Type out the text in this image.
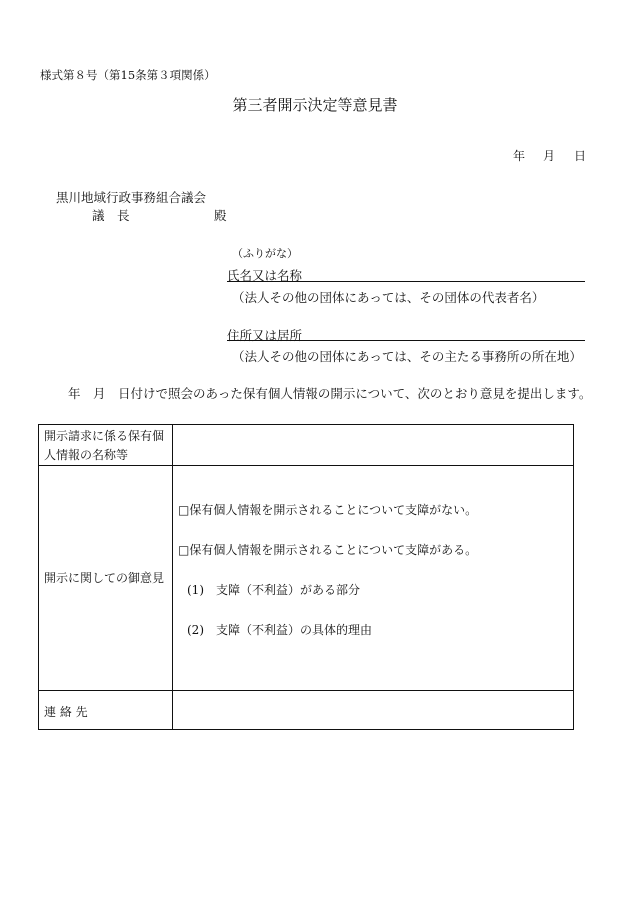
様式第８号（第15条第３項関係）
第三者開示決定等意見書
年 月 日
黒川地域行政事務組合議会
議　長	殿
（ふりがな）
氏名又は名称
（法人その他の団体にあっては、その団体の代表者名）
住所又は居所
（法人その他の団体にあっては、その主たる事務所の所在地）
年　月　日付けで照会のあった保有個人情報の開示について、次のとおり意見を提出します。
開示請求に係る保有個
人情報の名称等
開示に関しての御意見
□保有個人情報を開示されることについて支障がない。
□保有個人情報を開示されることについて支障がある。
(1)　支障（不利益）がある部分
(2)　支障（不利益）の具体的理由
連 絡 先
